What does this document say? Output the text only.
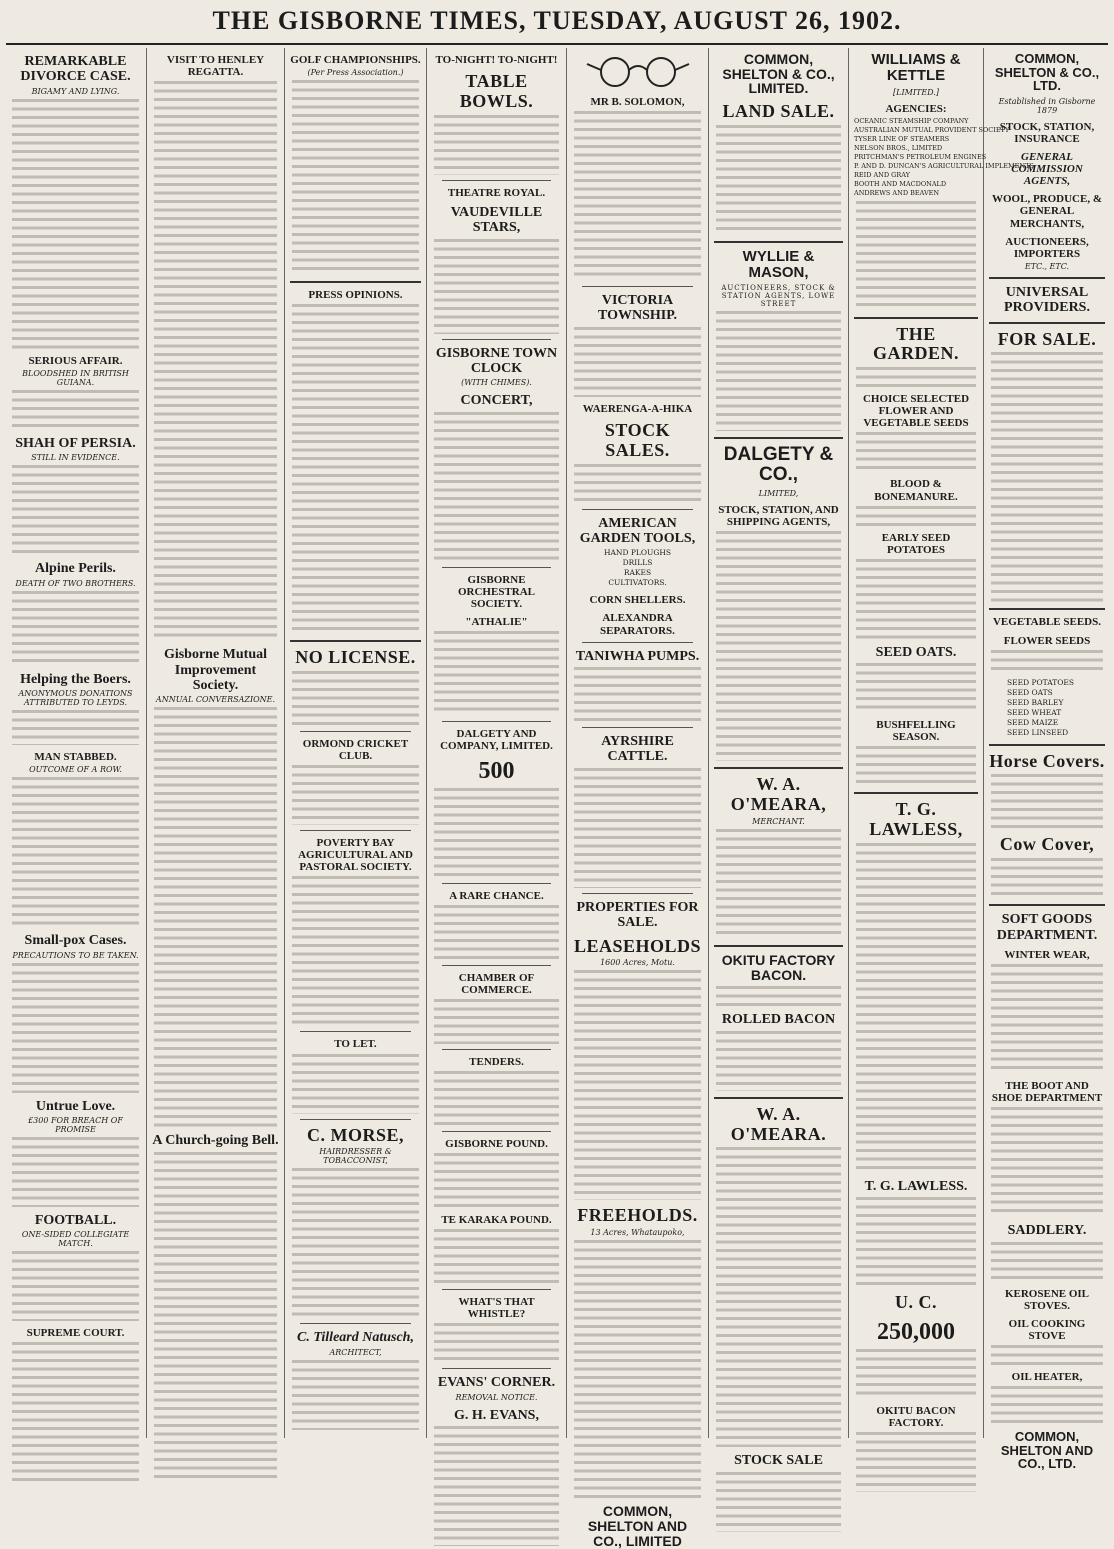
THE GISBORNE TIMES, TUESDAY, AUGUST 26, 1902.
REMARKABLE DIVORCE CASE.
BIGAMY AND LYING.
SERIOUS AFFAIR.
BLOODSHED IN BRITISH GUIANA.
SHAH OF PERSIA.
STILL IN EVIDENCE.
Alpine Perils.
DEATH OF TWO BROTHERS.
Helping the Boers.
ANONYMOUS DONATIONS ATTRIBUTED TO LEYDS.
MAN STABBED.
OUTCOME OF A ROW.
Small-pox Cases.
PRECAUTIONS TO BE TAKEN.
Untrue Love.
£300 FOR BREACH OF PROMISE
FOOTBALL.
ONE-SIDED COLLEGIATE MATCH.
SUPREME COURT.
VISIT TO HENLEY REGATTA.
Gisborne Mutual Improvement Society.
ANNUAL CONVERSAZIONE.
A Church-going Bell.
GOLF CHAMPIONSHIPS.
(Per Press Association.)
PRESS OPINIONS.
NO LICENSE.
ORMOND CRICKET CLUB.
POVERTY BAY AGRICULTURAL AND PASTORAL SOCIETY.
TO LET.
C. MORSE,
HAIRDRESSER & TOBACCONIST,
C. Tilleard Natusch,
ARCHITECT,
TO-NIGHT! TO-NIGHT!
TABLE BOWLS.
THEATRE ROYAL.
VAUDEVILLE STARS,
GISBORNE TOWN CLOCK
(WITH CHIMES).
CONCERT,
GISBORNE ORCHESTRAL SOCIETY.
"ATHALIE"
DALGETY AND COMPANY, LIMITED.
500
A RARE CHANCE.
CHAMBER OF COMMERCE.
TENDERS.
GISBORNE POUND.
TE KARAKA POUND.
WHAT'S THAT WHISTLE?
EVANS' CORNER.
REMOVAL NOTICE.
G. H. EVANS,
MR B. SOLOMON,
VICTORIA TOWNSHIP.
WAERENGA-A-HIKA
STOCK SALES.
AMERICAN GARDEN TOOLS,
HAND PLOUGHS
DRILLS
RAKES
CULTIVATORS.
CORN SHELLERS.
ALEXANDRA SEPARATORS.
TANIWHA PUMPS.
AYRSHIRE CATTLE.
PROPERTIES FOR SALE.
LEASEHOLDS
1600 Acres, Motu.
FREEHOLDS.
13 Acres, Whataupoko,
COMMON, SHELTON AND CO., LIMITED
COMMON, SHELTON & CO., LIMITED.
LAND SALE.
WYLLIE & MASON,
AUCTIONEERS, STOCK & STATION AGENTS, LOWE STREET
DALGETY & CO.,
LIMITED,
STOCK, STATION, AND SHIPPING AGENTS,
W. A. O'MEARA,
MERCHANT.
OKITU FACTORY BACON.
ROLLED BACON
W. A. O'MEARA.
STOCK SALE
WILLIAMS & KETTLE
[LIMITED.]
AGENCIES:
OCEANIC STEAMSHIP COMPANY
AUSTRALIAN MUTUAL PROVIDENT SOCIETY
TYSER LINE OF STEAMERS
NELSON BROS., LIMITED
PRITCHMAN'S PETROLEUM ENGINES
P. AND D. DUNCAN'S AGRICULTURAL IMPLEMENTS
REID AND GRAY
BOOTH AND MACDONALD
ANDREWS AND BEAVEN
THE GARDEN.
CHOICE SELECTED FLOWER AND VEGETABLE SEEDS
BLOOD & BONEMANURE.
EARLY SEED POTATOES
SEED OATS.
BUSHFELLING SEASON.
T. G. LAWLESS,
T. G. LAWLESS.
U. C.
250,000
OKITU BACON FACTORY.
COMMON, SHELTON & CO., LTD.
Established in Gisborne 1879
STOCK, STATION, INSURANCE
GENERAL COMMISSION AGENTS,
WOOL, PRODUCE, & GENERAL MERCHANTS,
AUCTIONEERS, IMPORTERS
ETC., ETC.
UNIVERSAL PROVIDERS.
FOR SALE.
VEGETABLE SEEDS.
FLOWER SEEDS
SEED POTATOES
SEED OATS
SEED BARLEY
SEED WHEAT
SEED MAIZE
SEED LINSEED
Horse Covers.
Cow Cover,
SOFT GOODS DEPARTMENT.
WINTER WEAR,
THE BOOT AND SHOE DEPARTMENT
SADDLERY.
KEROSENE OIL STOVES.
OIL COOKING STOVE
OIL HEATER,
COMMON, SHELTON AND CO., LTD.
